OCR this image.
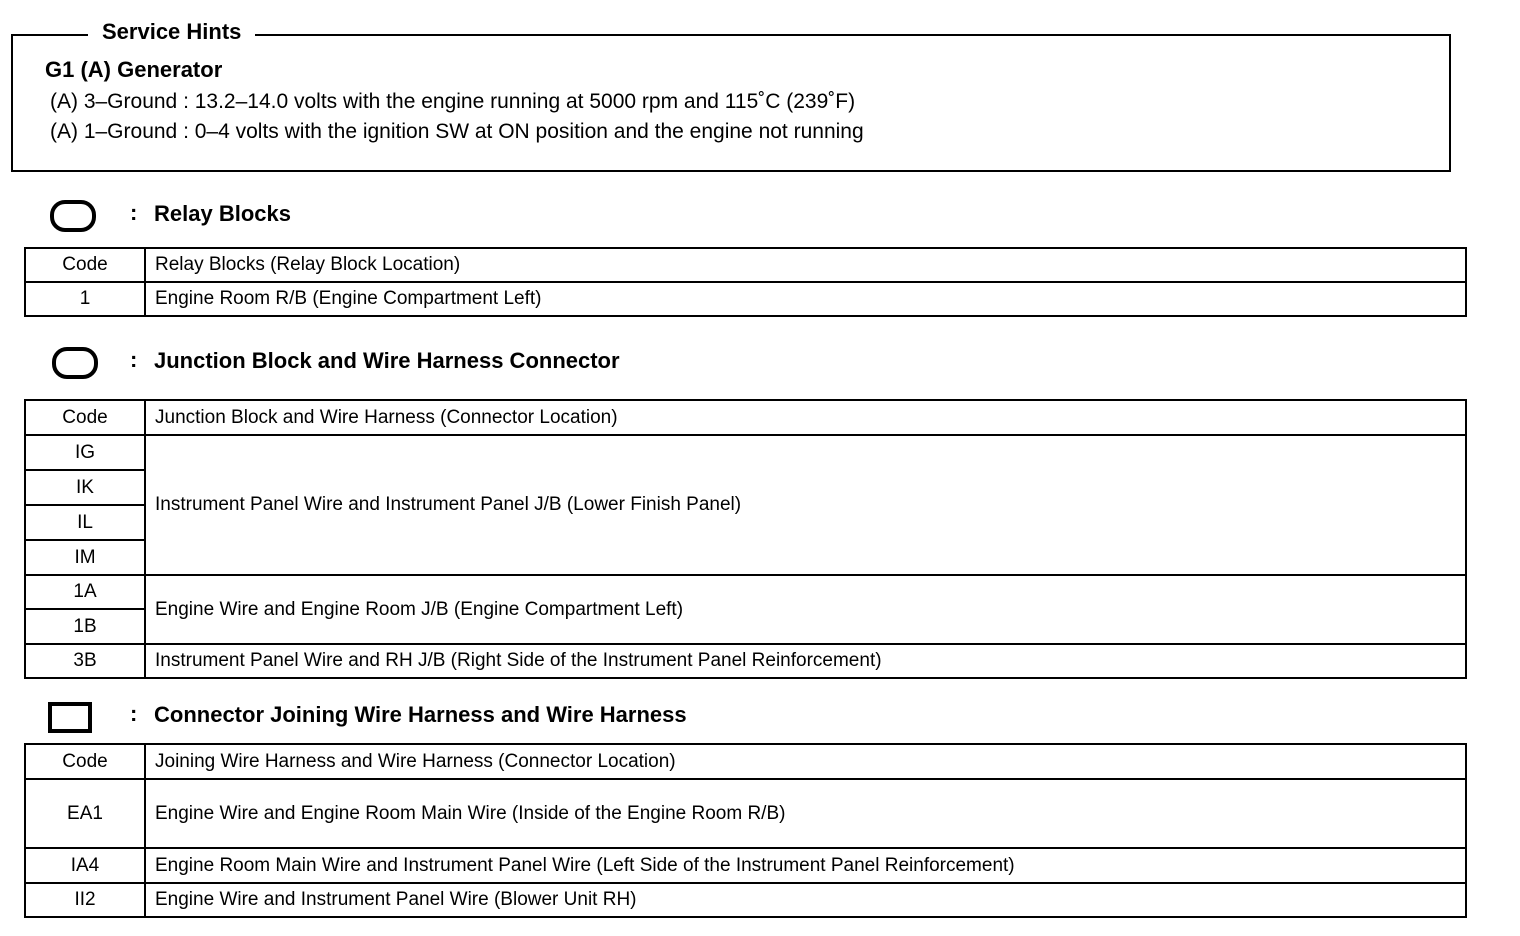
Service Hints
G1 (A) Generator
(A) 3–Ground : 13.2–14.0 volts with the engine running at 5000 rpm and 115˚C (239˚F)
(A) 1–Ground : 0–4 volts with the ignition SW at ON position and the engine not running
: Relay Blocks
Code	Relay Blocks (Relay Block Location)
1	Engine Room R/B (Engine Compartment Left)
: Junction Block and Wire Harness Connector
Code	Junction Block and Wire Harness (Connector Location)
IG	Instrument Panel Wire and Instrument Panel J/B (Lower Finish Panel)
IK	
IL	
IM	
1A	Engine Wire and Engine Room J/B (Engine Compartment Left)
1B	
3B	Instrument Panel Wire and RH J/B (Right Side of the Instrument Panel Reinforcement)
: Connector Joining Wire Harness and Wire Harness
Code	Joining Wire Harness and Wire Harness (Connector Location)
EA1	Engine Wire and Engine Room Main Wire (Inside of the Engine Room R/B)
IA4	Engine Room Main Wire and Instrument Panel Wire (Left Side of the Instrument Panel Reinforcement)
II2	Engine Wire and Instrument Panel Wire (Blower Unit RH)
